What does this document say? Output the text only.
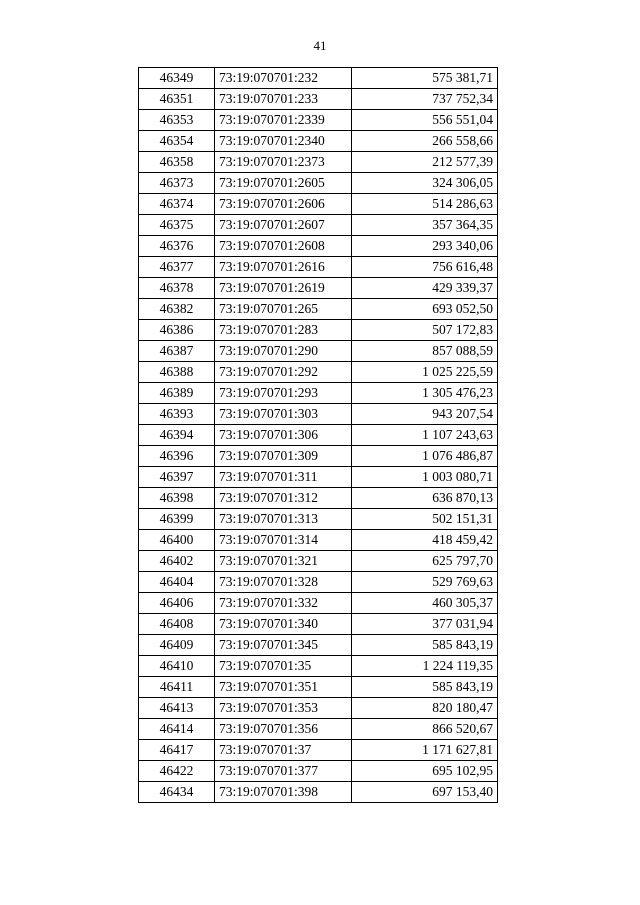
41
46349	73:19:070701:232	575 381,71
46351	73:19:070701:233	737 752,34
46353	73:19:070701:2339	556 551,04
46354	73:19:070701:2340	266 558,66
46358	73:19:070701:2373	212 577,39
46373	73:19:070701:2605	324 306,05
46374	73:19:070701:2606	514 286,63
46375	73:19:070701:2607	357 364,35
46376	73:19:070701:2608	293 340,06
46377	73:19:070701:2616	756 616,48
46378	73:19:070701:2619	429 339,37
46382	73:19:070701:265	693 052,50
46386	73:19:070701:283	507 172,83
46387	73:19:070701:290	857 088,59
46388	73:19:070701:292	1 025 225,59
46389	73:19:070701:293	1 305 476,23
46393	73:19:070701:303	943 207,54
46394	73:19:070701:306	1 107 243,63
46396	73:19:070701:309	1 076 486,87
46397	73:19:070701:311	1 003 080,71
46398	73:19:070701:312	636 870,13
46399	73:19:070701:313	502 151,31
46400	73:19:070701:314	418 459,42
46402	73:19:070701:321	625 797,70
46404	73:19:070701:328	529 769,63
46406	73:19:070701:332	460 305,37
46408	73:19:070701:340	377 031,94
46409	73:19:070701:345	585 843,19
46410	73:19:070701:35	1 224 119,35
46411	73:19:070701:351	585 843,19
46413	73:19:070701:353	820 180,47
46414	73:19:070701:356	866 520,67
46417	73:19:070701:37	1 171 627,81
46422	73:19:070701:377	695 102,95
46434	73:19:070701:398	697 153,40
